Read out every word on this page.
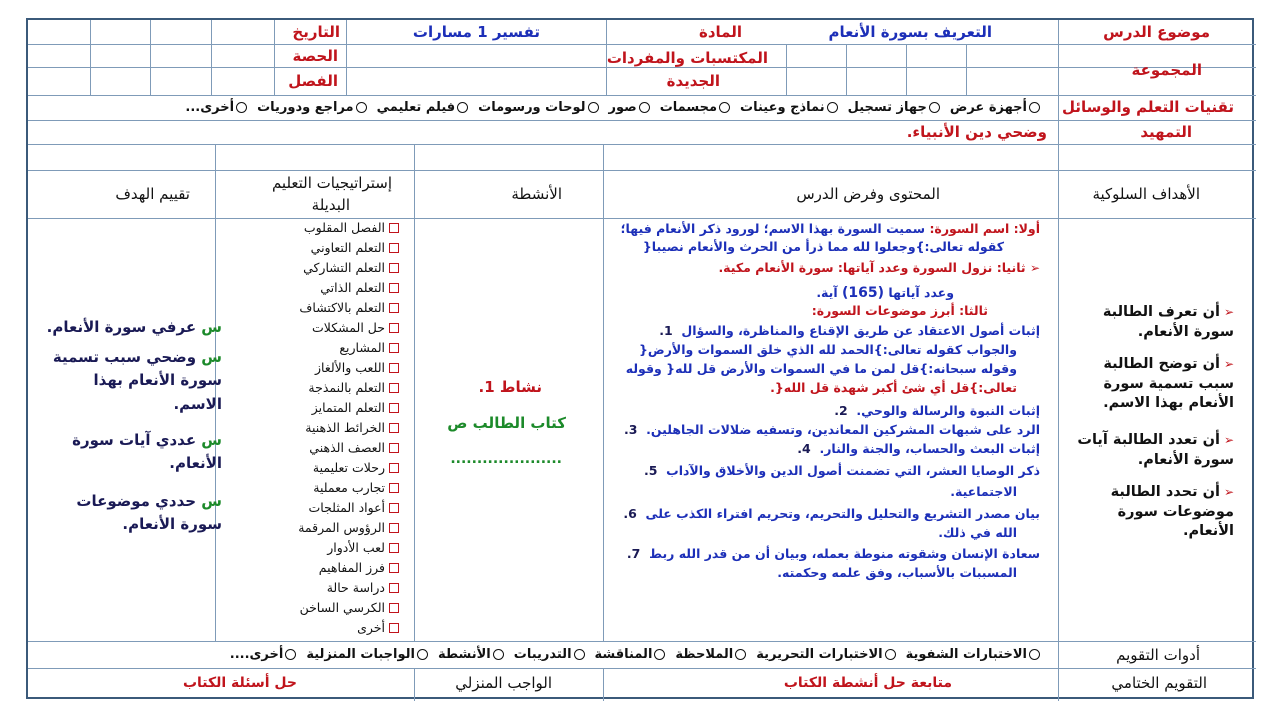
موضوع الدرس
التعريف بسورة الأنعام
المادة
تفسير 1 مسارات
التاريخ
المجموعة
المكتسبات والمفردات
الجديدة
الحصة
الفصل
تقنيات التعلم والوسائل
أجهزة عرض
جهاز تسجيل
نماذج وعينات
مجسمات
صور
لوحات ورسومات
فيلم تعليمي
مراجع ودوريات
أخرى...
التمهيد
وضحي دين الأنبياء.
الأهداف السلوكية
المحتوى وفرض الدرس
الأنشطة
إستراتيجيات التعليم
البديلة
تقييم الهدف
➢أن تعرف الطالبة سورة الأنعام.
➢أن توضح الطالبة سبب تسمية سورة الأنعام بهذا الاسم.
➢أن تعدد الطالبة آيات سورة الأنعام.
➢أن تحدد الطالبة موضوعات سورة الأنعام.
أولا: اسم السورة: سميت السورة بهذا الاسم؛ لورود ذكر الأنعام فيها؛
كقوله تعالى:}وجعلوا لله مما ذرأ من الحرث والأنعام نصيبا{
➢ ثانيا: نزول السورة وعدد آياتها: سورة الأنعام مكية.
وعدد آياتها (165) آية.
ثالثا: أبرز موضوعات السورة:
إثبات أصول الاعتقاد عن طريق الإقناع والمناظرة، والسؤال  1.
والجواب كقوله تعالى:}الحمد لله الذي خلق السموات والأرض{
وقوله سبحانه:}قل لمن ما في السموات والأرض قل لله{ وقوله
تعالى:}قل أي شئ أكبر شهدة قل الله{.
إثبات النبوة والرسالة والوحي.  2.
الرد على شبهات المشركين المعاندين، وتسفيه ضلالات الجاهلين.  3.
إثبات البعث والحساب، والجنة والنار.  4.
ذكر الوصايا العشر، التي تضمنت أصول الدين والأخلاق والآداب  5.
الاجتماعية.
بيان مصدر التشريع والتحليل والتحريم، وتحريم افتراء الكذب على  6.
الله في ذلك.
سعادة الإنسان وشقوته منوطة بعمله، وبيان أن من قدر الله ربط  7.
المسببات بالأسباب، وفق علمه وحكمته.
نشاط 1.
كتاب الطالب ص
.....................
الفصل المقلوب
التعلم التعاوني
التعلم التشاركي
التعلم الذاتي
التعلم بالاكتشاف
حل المشكلات
المشاريع
اللعب والألغاز
التعلم بالنمذجة
التعلم المتمايز
الخرائط الذهنية
العصف الذهني
رحلات تعليمية
تجارب معملية
أعواد المثلجات
الرؤوس المرقمة
لعب الأدوار
فرز المفاهيم
دراسة حالة
الكرسي الساخن
أخرى
س عرفي سورة الأنعام.
س وضحي سبب تسمية سورة الأنعام بهذا الاسم.
س عددي آيات سورة الأنعام.
س حددي موضوعات سورة الأنعام.
أدوات التقويم
الاختبارات الشفوية
الاختبارات التحريرية
الملاحظة
المناقشة
التدريبات
الأنشطة
الواجبات المنزلية
أخرى....
التقويم الختامي
متابعة حل أنشطة الكتاب
الواجب المنزلي
حل أسئلة الكتاب
